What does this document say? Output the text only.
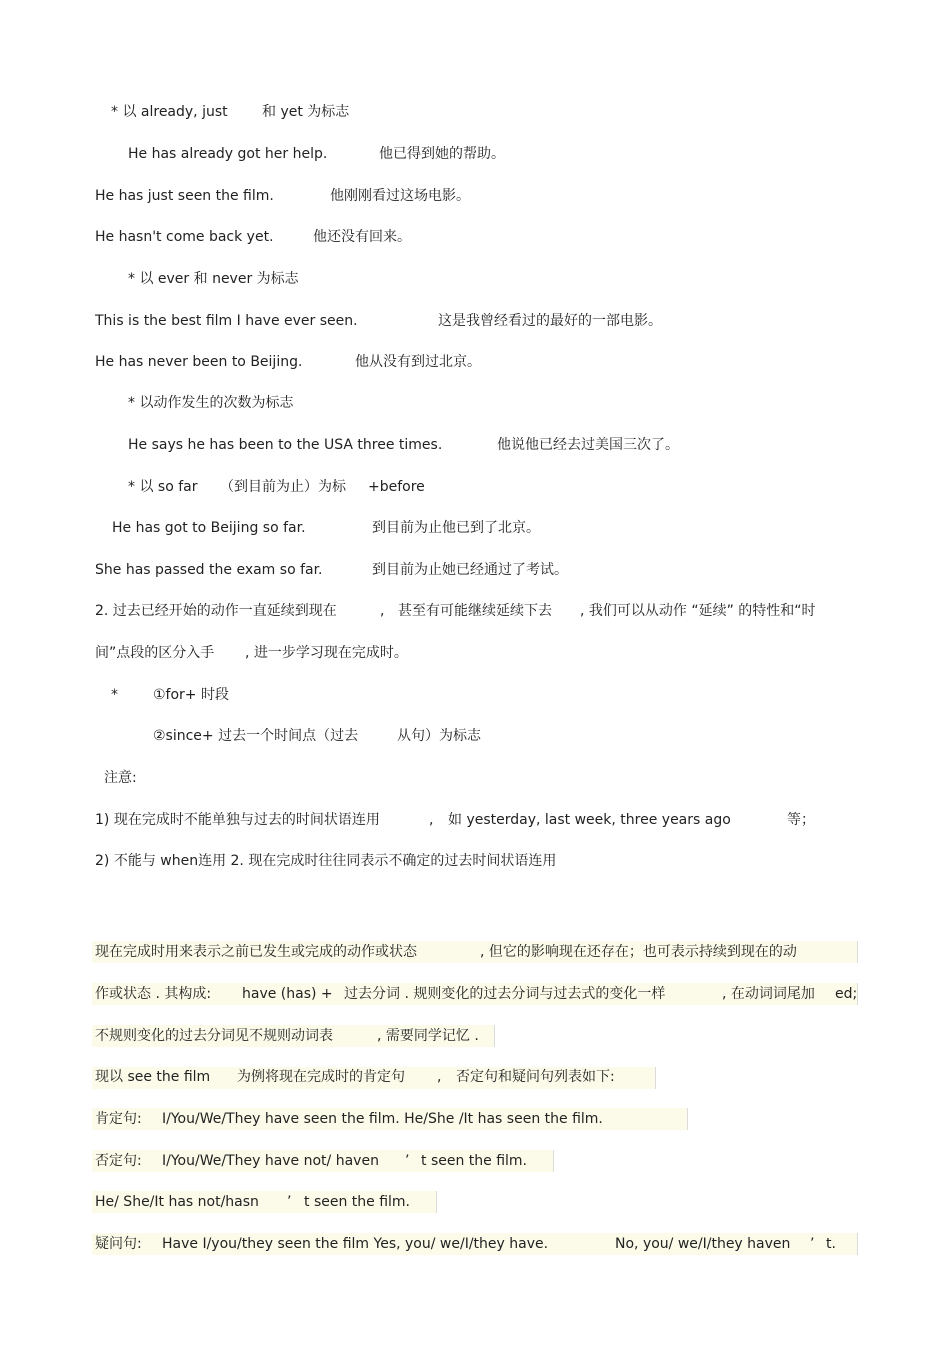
* 以 already, just 和 yet 为标志
He has already got her help.	他已得到她的帮助。
He has just seen the film.	他刚刚看过这场电影。
He hasn't come back yet.	他还没有回来。
* 以 ever 和 never 为标志
This is the best film I have ever seen.	这是我曾经看过的最好的一部电影。
He has never been to Beijing.	他从没有到过北京。
* 以动作发生的次数为标志
He says he has been to the USA three times.	他说他已经去过美国三次了。
* 以 so far （到目前为止）为标 +before
He has got to Beijing so far.	到目前为止他已到了北京。
She has passed the exam so far.	到目前为止她已经通过了考试。
2. 过去已经开始的动作一直延续到现在	, 甚至有可能继续延续下去 , 我们可以从动作 “延续” 的特性和“时
间”点段的区分入手 , 进一步学习现在完成时。
*	①for+ 时段
②since+ 过去一个时间点（过去	从句）为标志
注意:
1) 现在完成时不能单独与过去的时间状语连用	, 如 yesterday, last week, three years ago	等；
2) 不能与 when连用 2. 现在完成时往往同表示不确定的过去时间状语连用
现在完成时用来表示之前已发生或完成的动作或状态	, 但它的影响现在还存在；也可表示持续到现在的动
作或状态 . 其构成: have (has) + 过去分词 . 规则变化的过去分词与过去式的变化一样	, 在动词词尾加 ed;
不规则变化的过去分词见不规则动词表	, 需要同学记忆 .
现以 see the film 为例将现在完成时的肯定句 , 否定句和疑问句列表如下:
肯定句: I/You/We/They have seen the film. He/She /It has seen the film.
否定句: I/You/We/They have not/ haven ’ t seen the film.
He/ She/It has not/hasn ’ t seen the film.
疑问句: Have I/you/they seen the film Yes, you/ we/I/they have.	No, you/ we/I/they haven ’ t.
